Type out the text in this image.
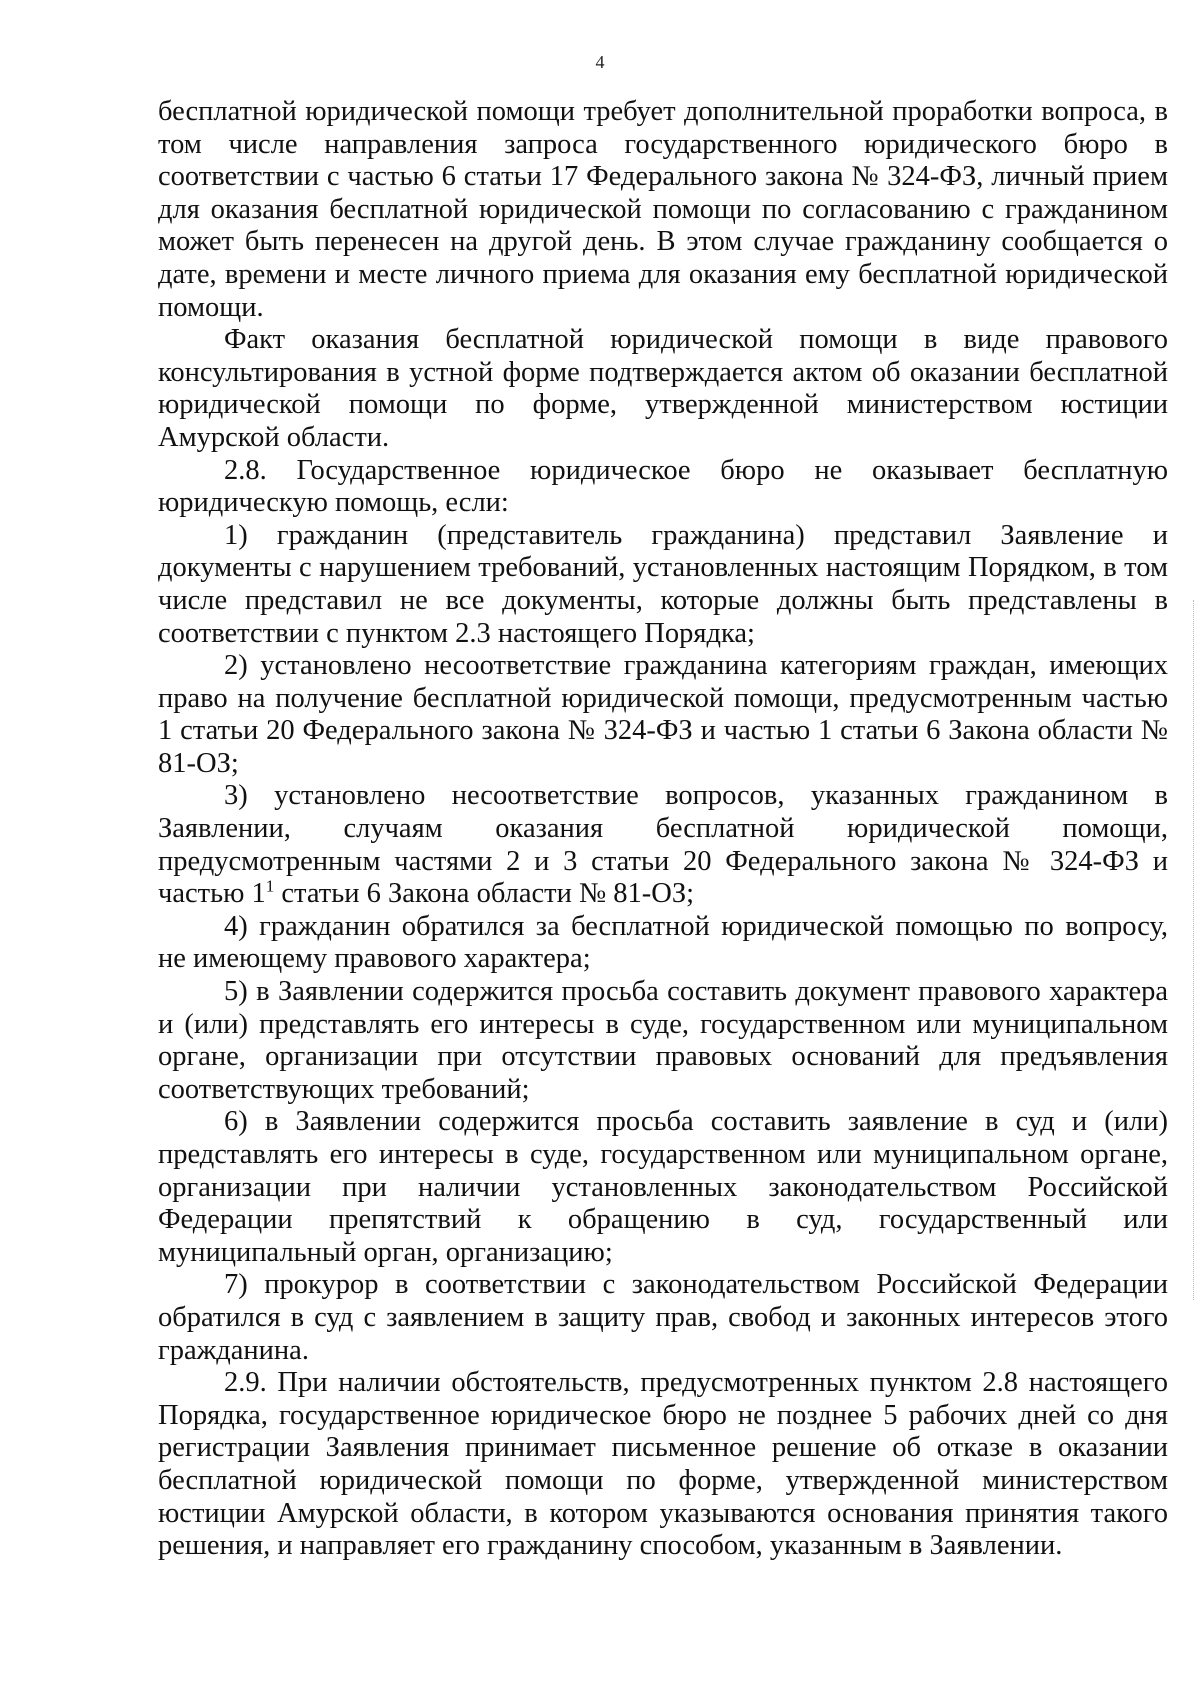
4

бесплатной юридической помощи требует дополнительной проработки вопроса, в том числе направления запроса государственного юридического бюро в соответствии с частью 6 статьи 17 Федерального закона № 324-ФЗ, личный прием для оказания бесплатной юридической помощи по согласованию с гражданином может быть перенесен на другой день. В этом случае гражданину сообщается о дате, времени и месте личного приема для оказания ему бесплатной юридической помощи.

Факт оказания бесплатной юридической помощи в виде правового консультирования в устной форме подтверждается актом об оказании бесплатной юридической помощи по форме, утвержденной министерством юстиции Амурской области.

2.8. Государственное юридическое бюро не оказывает бесплатную юридическую помощь, если:

1) гражданин (представитель гражданина) представил Заявление и документы с нарушением требований, установленных настоящим Порядком, в том числе представил не все документы, которые должны быть представлены в соответствии с пунктом 2.3 настоящего Порядка;

2) установлено несоответствие гражданина категориям граждан, имеющих право на получение бесплатной юридической помощи, предусмотренным частью 1 статьи 20 Федерального закона № 324-ФЗ и частью 1 статьи 6 Закона области № 81-ОЗ;

3) установлено несоответствие вопросов, указанных гражданином в Заявлении, случаям оказания бесплатной юридической помощи, предусмотренным частями 2 и 3 статьи 20 Федерального закона № 324-ФЗ и частью $1^1$ статьи 6 Закона области № 81-ОЗ;

4) гражданин обратился за бесплатной юридической помощью по вопросу, не имеющему правового характера;

5) в Заявлении содержится просьба составить документ правового характера и (или) представлять его интересы в суде, государственном или муниципальном органе, организации при отсутствии правовых оснований для предъявления соответствующих требований;

6) в Заявлении содержится просьба составить заявление в суд и (или) представлять его интересы в суде, государственном или муниципальном органе, организации при наличии установленных законодательством Российской Федерации препятствий к обращению в суд, государственный или муниципальный орган, организацию;

7) прокурор в соответствии с законодательством Российской Федерации обратился в суд с заявлением в защиту прав, свобод и законных интересов этого гражданина.

2.9. При наличии обстоятельств, предусмотренных пунктом 2.8 настоящего Порядка, государственное юридическое бюро не позднее 5 рабочих дней со дня регистрации Заявления принимает письменное решение об отказе в оказании бесплатной юридической помощи по форме, утвержденной министерством юстиции Амурской области, в котором указываются основания принятия такого решения, и направляет его гражданину способом, указанным в Заявлении.
